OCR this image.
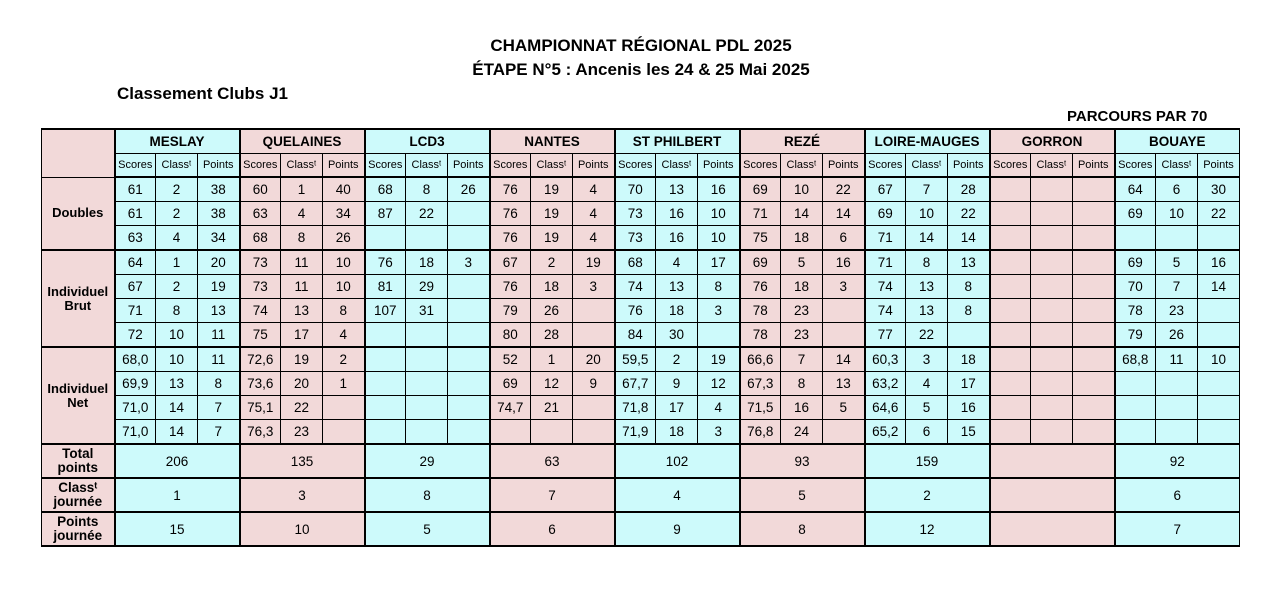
CHAMPIONNAT RÉGIONAL PDL 2025
ÉTAPE N°5 : Ancenis les 24 & 25 Mai 2025
Classement Clubs J1
PARCOURS PAR 70
	MESLAY			QUELAINES			LCD3			NANTES			ST PHILBERT			REZÉ			LOIRE-MAUGES			GORRON			BOUAYE		
	Scores	Classᵗ	Points	Scores	Classᵗ	Points	Scores	Classᵗ	Points	Scores	Classᵗ	Points	Scores	Classᵗ	Points	Scores	Classᵗ	Points	Scores	Classᵗ	Points	Scores	Classᵗ	Points	Scores	Classᵗ	Points
Doubles	61	2	38	60	1	40	68	8	26	76	19	4	70	13	16	69	10	22	67	7	28				64	6	30
	61	2	38	63	4	34	87	22		76	19	4	73	16	10	71	14	14	69	10	22				69	10	22
	63	4	34	68	8	26				76	19	4	73	16	10	75	18	6	71	14	14						
Individuel Brut	64	1	20	73	11	10	76	18	3	67	2	19	68	4	17	69	5	16	71	8	13				69	5	16
	67	2	19	73	11	10	81	29		76	18	3	74	13	8	76	18	3	74	13	8				70	7	14
	71	8	13	74	13	8	107	31		79	26		76	18	3	78	23		74	13	8				78	23	
	72	10	11	75	17	4				80	28		84	30		78	23		77	22					79	26	
Individuel Net	68,0	10	11	72,6	19	2				52	1	20	59,5	2	19	66,6	7	14	60,3	3	18				68,8	11	10
	69,9	13	8	73,6	20	1				69	12	9	67,7	9	12	67,3	8	13	63,2	4	17						
	71,0	14	7	75,1	22					74,7	21		71,8	17	4	71,5	16	5	64,6	5	16						
	71,0	14	7	76,3	23								71,9	18	3	76,8	24		65,2	6	15						
Total points	206			135			29			63			102			93			159						92		
Classᵗ journée	1			3			8			7			4			5			2						6		
Points journée	15			10			5			6			9			8			12						7		
